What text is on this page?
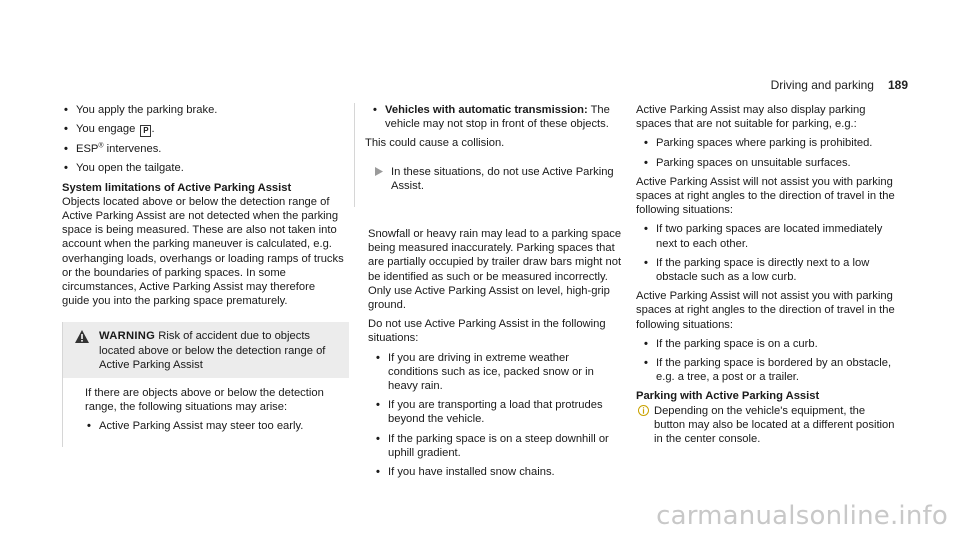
Driving and parking 189
• You apply the parking brake.
• You engage P .
• ESP® intervenes.
• You open the tailgate.

System limitations of Active Parking Assist

Objects located above or below the detection range of Active Parking Assist are not detected when the parking space is being measured. These are also not taken into account when the parking maneuver is calculated, e.g. overhanging loads, overhangs or loading ramps of trucks or the boundaries of parking spaces. In some circumstances, Active Parking Assist may therefore guide you into the parking space prematurely.

WARNING Risk of accident due to objects located above or below the detection range of Active Parking Assist

If there are objects above or below the detection range, the following situations may arise:

• Active Parking Assist may steer too early.
• Vehicles with automatic transmission: The vehicle may not stop in front of these objects.

This could cause a collision.

In these situations, do not use Active Parking Assist.

Snowfall or heavy rain may lead to a parking space being measured inaccurately. Parking spaces that are partially occupied by trailer draw bars might not be identified as such or be measured incorrectly. Only use Active Parking Assist on level, high-grip ground.

Do not use Active Parking Assist in the following situations:

• If you are driving in extreme weather conditions such as ice, packed snow or in heavy rain.
• If you are transporting a load that protrudes beyond the vehicle.
• If the parking space is on a steep downhill or uphill gradient.
• If you have installed snow chains.

Active Parking Assist may also display parking spaces that are not suitable for parking, e.g.:

• Parking spaces where parking is prohibited.
• Parking spaces on unsuitable surfaces.

Active Parking Assist will not assist you with parking spaces at right angles to the direction of travel in the following situations:

• If two parking spaces are located immediately next to each other.
• If the parking space is directly next to a low obstacle such as a low curb.

Active Parking Assist will not assist you with parking spaces at right angles to the direction of travel in the following situations:

• If the parking space is on a curb.
• If the parking space is bordered by an obstacle, e.g. a tree, a post or a trailer.

Parking with Active Parking Assist

Depending on the vehicle's equipment, the button may also be located at a different position in the center console.
carmanualsonline.info
